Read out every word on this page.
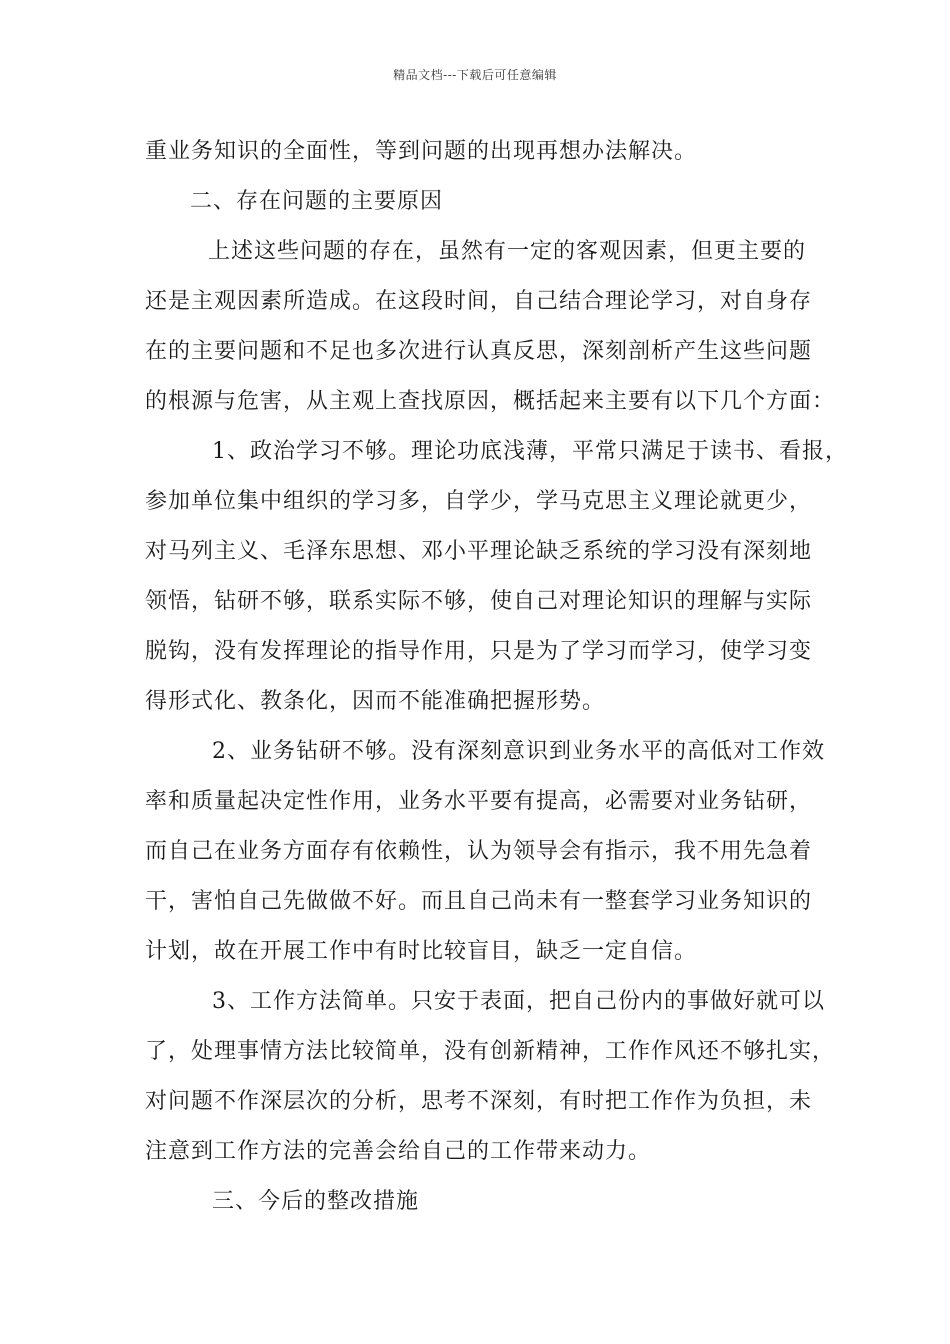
精品文档---下载后可任意编辑
重业务知识的全面性，等到问题的出现再想办法解决。
二、存在问题的主要原因
上述这些问题的存在，虽然有一定的客观因素，但更主要的
还是主观因素所造成。在这段时间，自己结合理论学习，对自身存
在的主要问题和不足也多次进行认真反思，深刻剖析产生这些问题
的根源与危害，从主观上查找原因，概括起来主要有以下几个方面：
1、政治学习不够。理论功底浅薄，平常只满足于读书、看报，
参加单位集中组织的学习多，自学少，学马克思主义理论就更少，
对马列主义、毛泽东思想、邓小平理论缺乏系统的学习没有深刻地
领悟，钻研不够，联系实际不够，使自己对理论知识的理解与实际
脱钩，没有发挥理论的指导作用，只是为了学习而学习，使学习变
得形式化、教条化，因而不能准确把握形势。
2、业务钻研不够。没有深刻意识到业务水平的高低对工作效
率和质量起决定性作用，业务水平要有提高，必需要对业务钻研，
而自己在业务方面存有依赖性，认为领导会有指示，我不用先急着
干，害怕自己先做做不好。而且自己尚未有一整套学习业务知识的
计划，故在开展工作中有时比较盲目，缺乏一定自信。
3、工作方法简单。只安于表面，把自己份内的事做好就可以
了，处理事情方法比较简单，没有创新精神，工作作风还不够扎实，
对问题不作深层次的分析，思考不深刻，有时把工作作为负担，未
注意到工作方法的完善会给自己的工作带来动力。
三、今后的整改措施
